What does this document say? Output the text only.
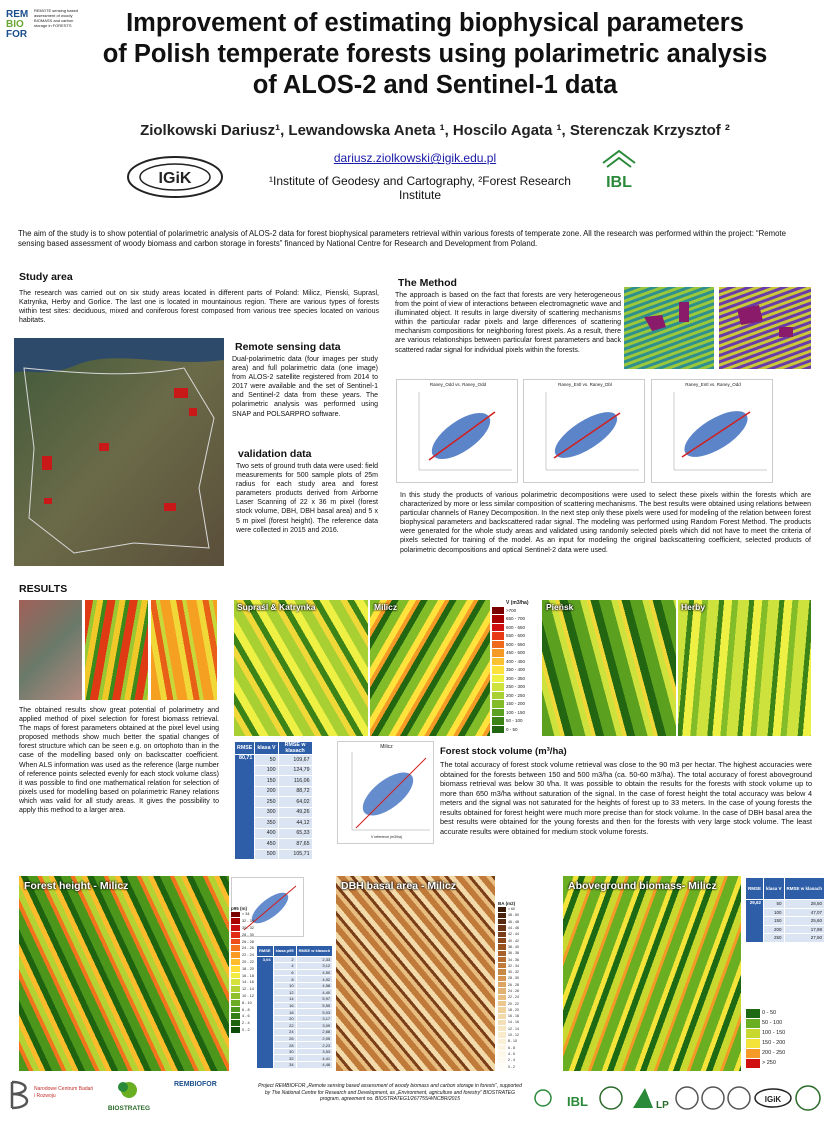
REM
BIO
FOR
REMOTE sensing based assessment of woody BIOMASS and carbon storage in FORESTS	Improvement of estimating biophysical parameters
of Polish temperate forests using polarimetric analysis
of ALOS-2 and Sentinel-1 data
Ziolkowski Dariusz¹, Lewandowska Aneta ¹, Hoscilo Agata ¹, Sterenczak Krzysztof ²
IGiK
dariusz.ziolkowski@igik.edu.pl
¹Institute of Geodesy and Cartography, ²Forest Research Institute
IBL
The aim of the study is to show potential of polarimetric analysis of ALOS-2 data for forest biophysical parameters retrieval within various forests of temperate zone. All the research was performed within the project: “Remote sensing based assessment of woody biomass and carbon storage in forests” financed by National Centre for Research and Development from Poland.
Study area
The research was carried out on six study areas located in different parts of Poland: Milicz, Pienski, Suprasl, Katrynka, Herby and Gorlice. The last one is located in mountainous region. There are various types of forests within test sites: deciduous, mixed and coniferous forest composed from various tree species located on various habitats.
Remote sensing data
Dual-polarimetric data (four images per study area) and full polarimetric data (one image) from ALOS-2 satellite registered from 2014 to 2017 were available and the set of Sentinel-1 and Sentinel-2 data from these years. The polarimetric analysis was performed using SNAP and POLSARPRO software.
validation data
Two sets of ground truth data were used: field measurements for 500 sample plots of 25m radius for each study area and forest parameters products derived from Airborne Laser Scanning of 22 x 36 m pixel (forest stock volume, DBH, DBH basal area) and 5 x 5 m pixel (forest height). The reference data were collected in 2015 and 2016.
The Method
The approach is based on the fact that forests are very heterogeneous from the point of view of interactions between electromagnetic wave and illuminated object. It results in large diversity of scattering mechanisms within the particular radar pixels and large differences of scattering mechanism compositions for neighboring forest pixels. As a result, there are various relationships between particular forest parameters and back scattered radar signal for individual pixels within the forests.
Raney_Odd vs. Raney_Odd	Raney_Entl vs. Raney_Dbl	Raney_Entl vs. Raney_Odd
In this study the products of various polarimetric decompositions were used to select these pixels within the forests which are characterized by more or less similar composition of scattering mechanisms. The best results were obtained using relations between particular channels of Raney Decomposition. In the next step only these pixels were used for modeling of the relation between forest biophysical parameters and backscattered radar signal. The modeling was performed using Random Forest Method. The products were generated for the whole study areas and validated using randomly selected pixels which did not have to meet the criteria of pixels selected for training of the model. As an input for modeling the original backscattering coefficient, selected products of polarimetric decompositions and optical Sentinel-2 data were used.
RESULTS
The obtained results show great potential of polarimetry and applied method of pixel selection for forest biomass retrieval. The maps of forest parameters obtained at the pixel level using proposed methods show much better the spatial changes of forest structure which can be seen e.g. on ortophoto than in the case of the modelling based only on backscatter coefficient. When ALS information was used as the reference (large number of reference points selected evenly for each stock volume class) it was possible to find one mathematical relation for selection of pixels used for modelling based on polarimetric Raney relations which was valid for all study areas. It gives the possibility to apply this method to a larger area.
Supraśl & Katrynka	Milicz	V (m3/ha)
>700
650 - 700
600 - 650
550 - 600
500 - 550
450 - 500
400 - 450
350 - 400
300 - 350
250 - 300
200 - 250
150 - 200
100 - 150
50 - 100
0 - 50
Pieńsk	Herby
RMSE	klasa V	RMSE w klasach
80,71	50	109,67
	100	124,79
	150	116,06
	200	88,72
	250	64,02
	300	49,26
	350	44,12
	400	65,33
	450	87,65
	500	105,71
Milicz
V reference (m3/ha)
Forest stock volume (m³/ha)
The total accuracy of forest stock volume retrieval was close to the 90 m3 per hectar. The highest accuracies were obtained for the forests between 150 and 500 m3/ha (ca. 50-60 m3/ha). The total accuracy of forest aboveground biomass retrieval was below 30 t/ha. It was possible to obtain the results for the forests with stock volume up to more than 650 m3/ha without saturation of the signal. In the case of forest height the total accuracy was below 4 meters and the signal was not saturated for the heights of forest up to 33 meters. In the case of young forests the results obtained for forest height were much more precise than for stock volume. In the case of DBH basal area the best results were obtained for the young forests and then for the forests with very large stock volume. The least accurate results were obtained for medium stock volume forests.
Forest height - Milicz
p95 (m)
> 34
32 - 34
30 - 32
28 - 30
26 - 28
24 - 26
22 - 24
20 - 22
18 - 20
16 - 18
14 - 16
12 - 14
10 - 12
8 - 10
6 - 8
4 - 6
2 - 4
0 - 2
RMSE	klasa p95	RMSE w klasach
3,04	2	2,33
	4	3,12
	6	4,50
	8	4,92
	10	4,58
	12	4,40
	14	5,97
	16	5,55
	18	5,03
	20	3,17
	22	3,09
	24	2,68
	26	2,05
	28	2,23
	30	3,53
	32	4,41
	34	4,46
DBH basal area - Milicz
BA (m2)
> 60
48 - 50
46 - 48
44 - 46
42 - 44
40 - 42
38 - 40
36 - 38
34 - 36
32 - 34
30 - 32
28 - 30
26 - 28
24 - 26
22 - 24
20 - 22
18 - 20
16 - 18
14 - 16
12 - 14
10 - 12
8 - 10
6 - 8
4 - 6
2 - 4
0 - 2
Aboveground biomass- Milicz	RMSE	klasa V	RMSE w klasach
29,62	50	28,50
	100	47,07
	150	25,60
	200	17,98
	250	27,50
0 - 50
50 - 100
100 - 150
150 - 200
200 - 250
> 250
Narodowe Centrum Badań i Rozwoju
BIOSTRATEG
REMBIOFOR	Project REMBIOFOR „Remote sensing based assessment of woody biomass and carbon storage in forests”, supported by The National Centre for Research and Development, as „Environment, agriculture and forestry” BIOSTRATEG program, agreement no. BIOSTRATEG1/267755/4/NCBR/2015	IBL	LP
IGiK
